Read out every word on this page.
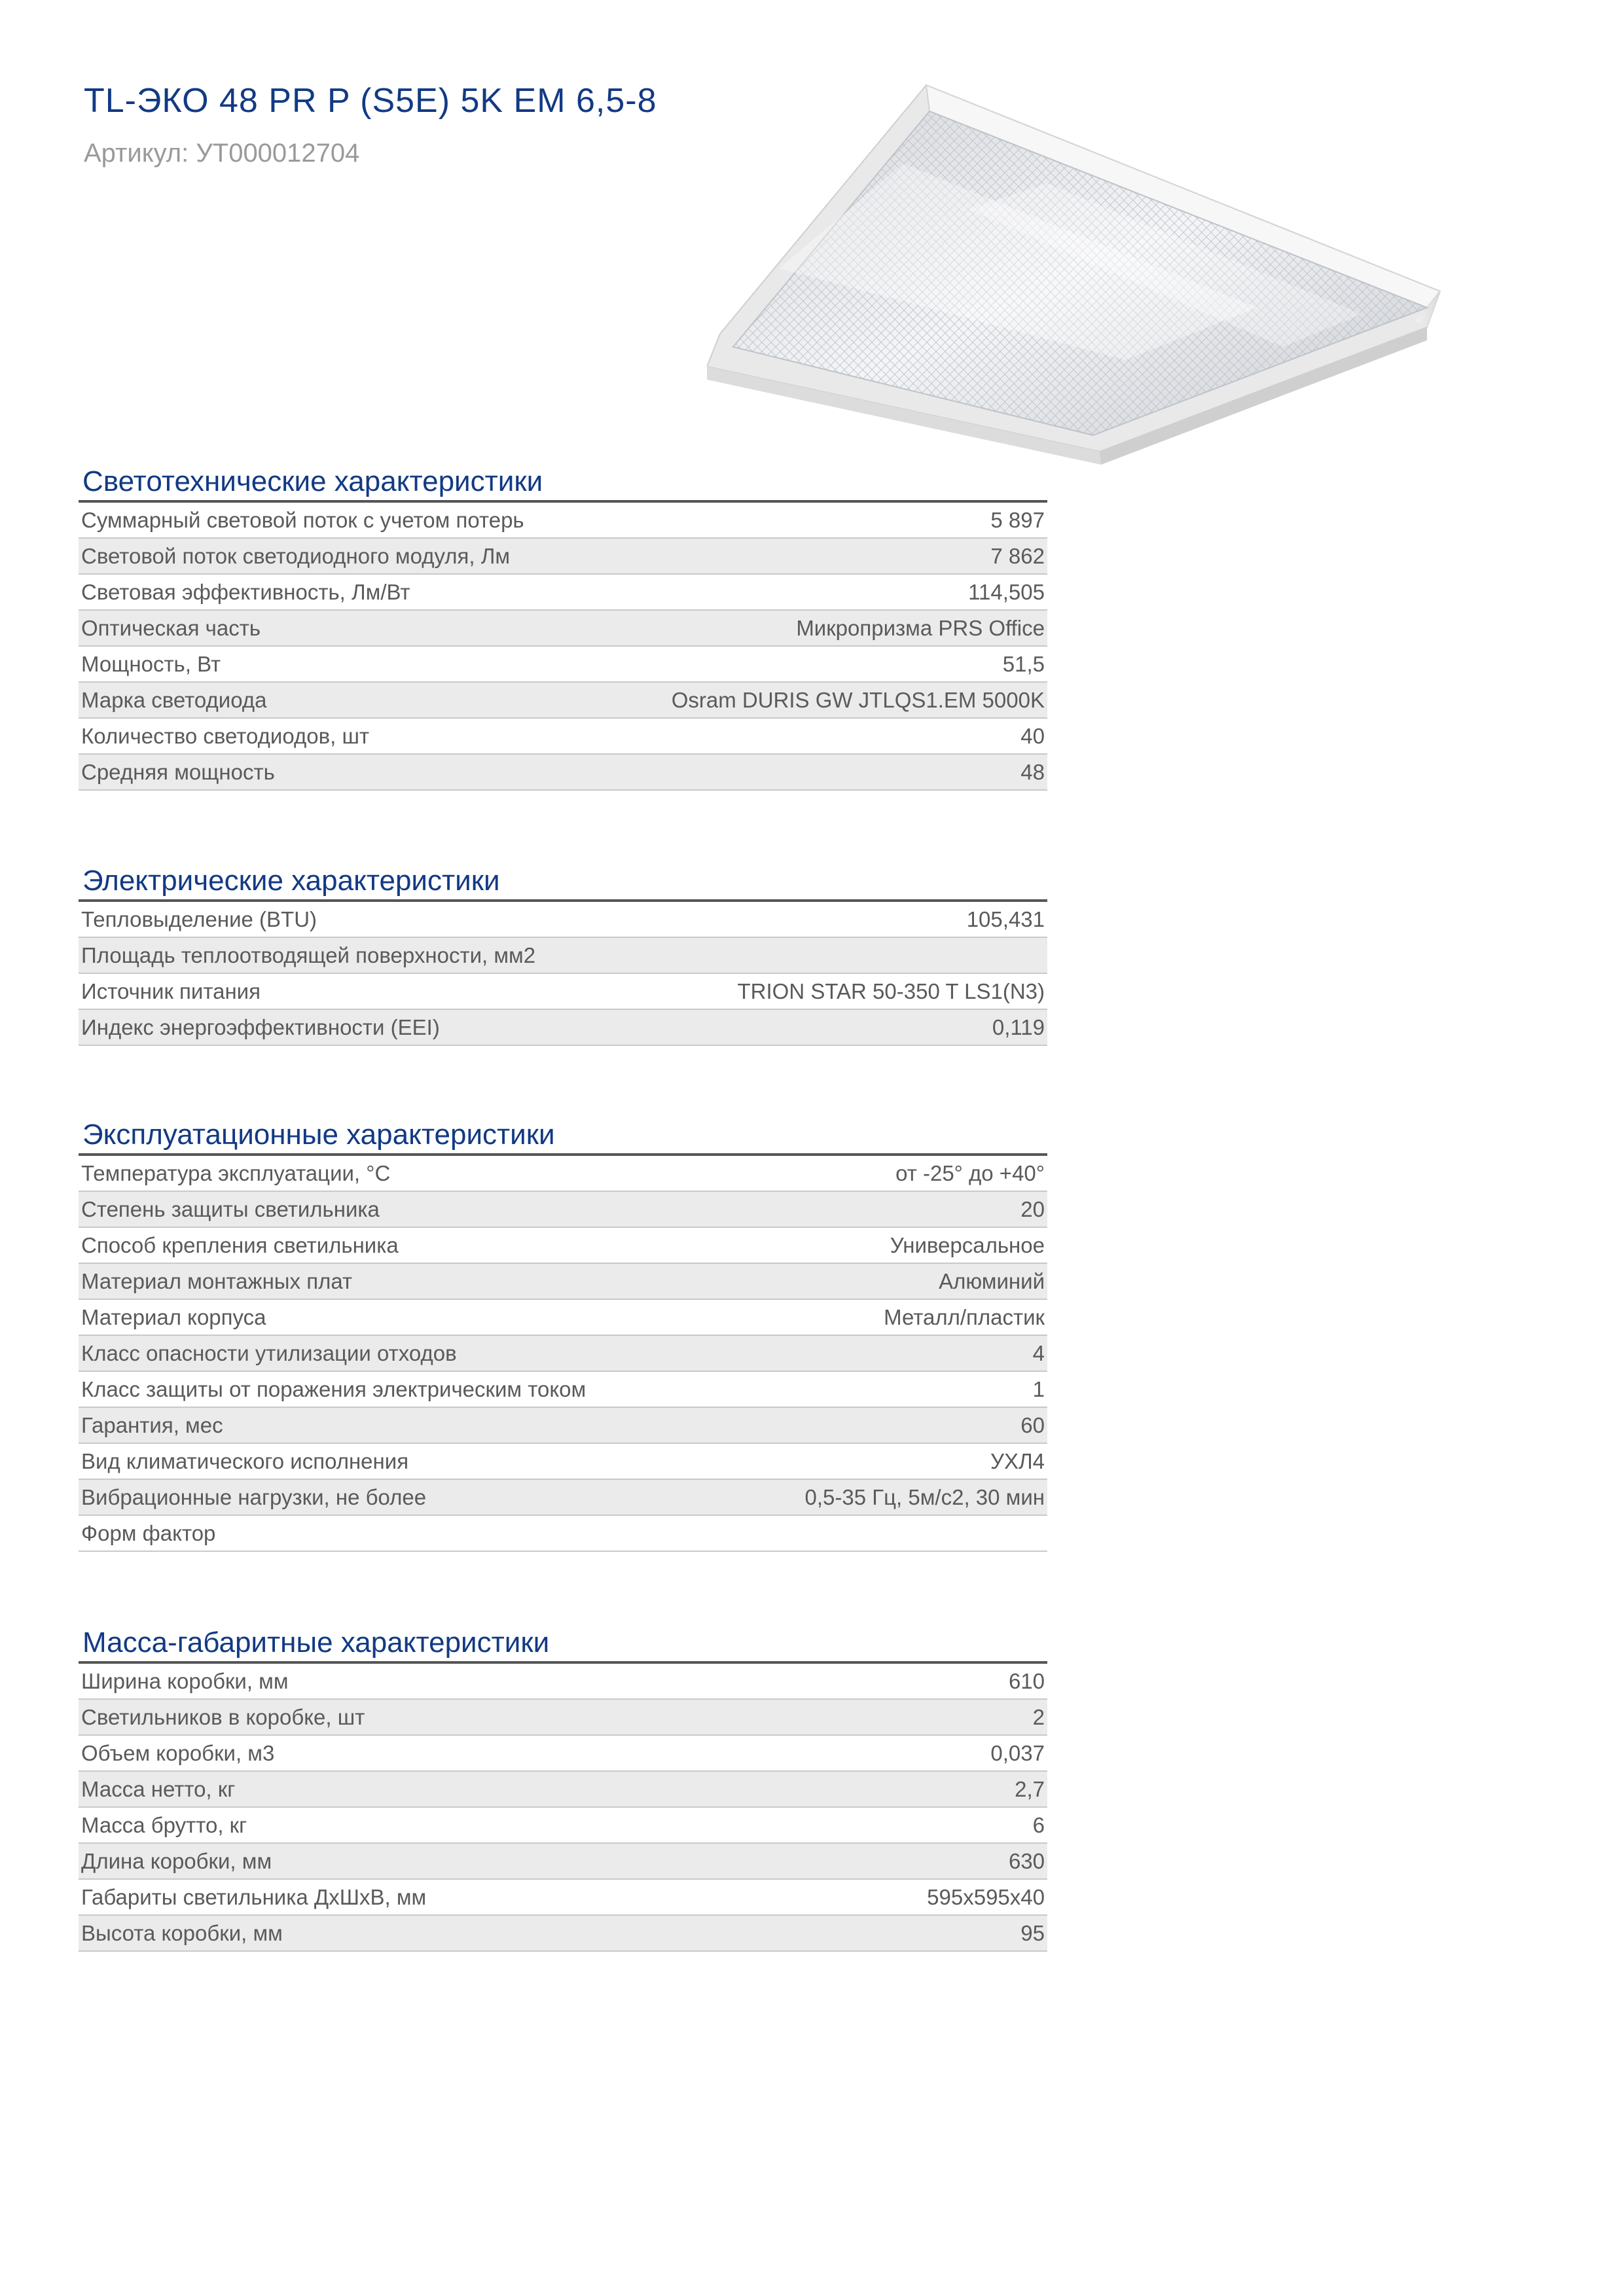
TL-ЭКО 48 PR P (S5E) 5K EM 6,5-8
Артикул: УТ000012704
Светотехнические характеристики
Суммарный световой поток с учетом потерь	5 897
Световой поток светодиодного модуля, Лм	7 862
Световая эффективность, Лм/Вт	114,505
Оптическая часть	Микропризма PRS Office
Мощность, Вт	51,5
Марка светодиода	Osram DURIS GW JTLQS1.EM 5000K
Количество светодиодов, шт	40
Средняя мощность	48
Электрические характеристики
Тепловыделение (BTU)	105,431
Площадь теплоотводящей поверхности, мм2
Источник питания	TRION STAR 50-350 T LS1(N3)
Индекс энергоэффективности (EEI)	0,119
Эксплуатационные характеристики
Температура эксплуатации, °С	от -25° до +40°
Степень защиты светильника	20
Способ крепления светильника	Универсальное
Материал монтажных плат	Алюминий
Материал корпуса	Металл/пластик
Класс опасности утилизации отходов	4
Класс защиты от поражения электрическим током	1
Гарантия, мес	60
Вид климатического исполнения	УХЛ4
Вибрационные нагрузки, не более	0,5-35 Гц, 5м/с2, 30 мин
Форм фактор
Масса-габаритные характеристики
Ширина коробки, мм	610
Светильников в коробке, шт	2
Объем коробки, м3	0,037
Масса нетто, кг	2,7
Масса брутто, кг	6
Длина коробки, мм	630
Габариты светильника ДхШхВ, мм	595x595x40
Высота коробки, мм	95
